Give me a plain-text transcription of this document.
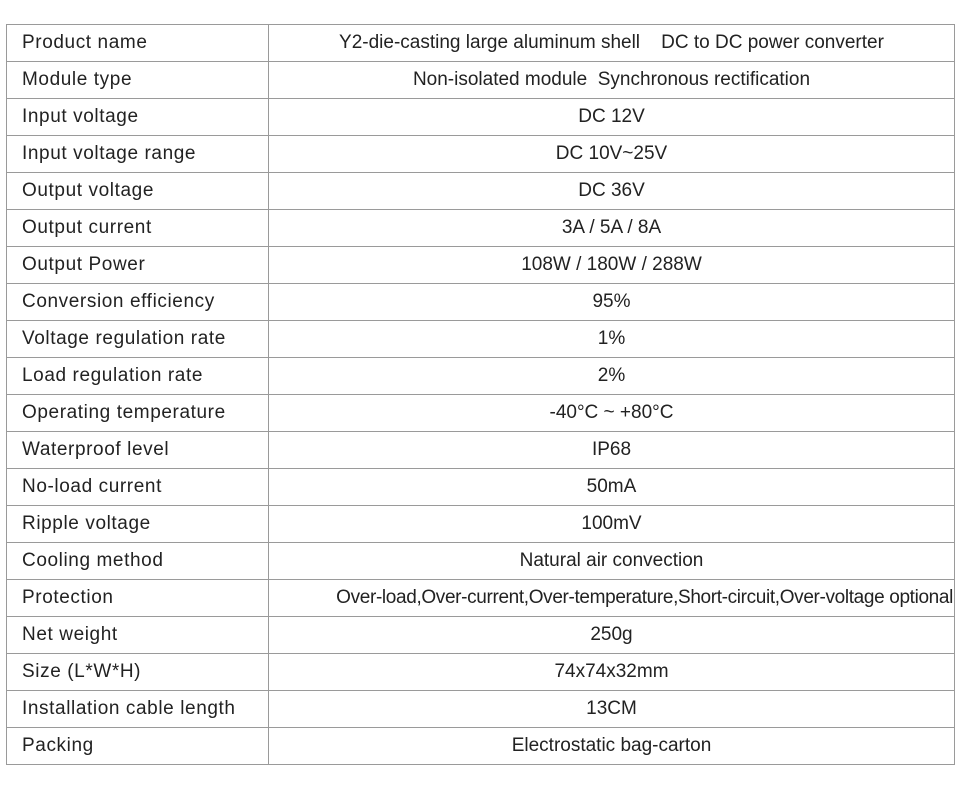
Product name	Y2-die-casting large aluminum shell    DC to DC power converter
Module type	Non-isolated module  Synchronous rectification
Input voltage	DC 12V
Input voltage range	DC 10V~25V
Output voltage	DC 36V
Output current	3A / 5A / 8A
Output Power	108W / 180W / 288W
Conversion efficiency	95%
Voltage regulation rate	1%
Load regulation rate	2%
Operating temperature	-40°C ~ +80°C
Waterproof level	IP68
No-load current	50mA
Ripple voltage	100mV
Cooling method	Natural air convection
Protection	Over-load,Over-current,Over-temperature,Short-circuit,Over-voltage optional
Net weight	250g
Size (L*W*H)	74x74x32mm
Installation cable length	13CM
Packing	Electrostatic bag-carton
